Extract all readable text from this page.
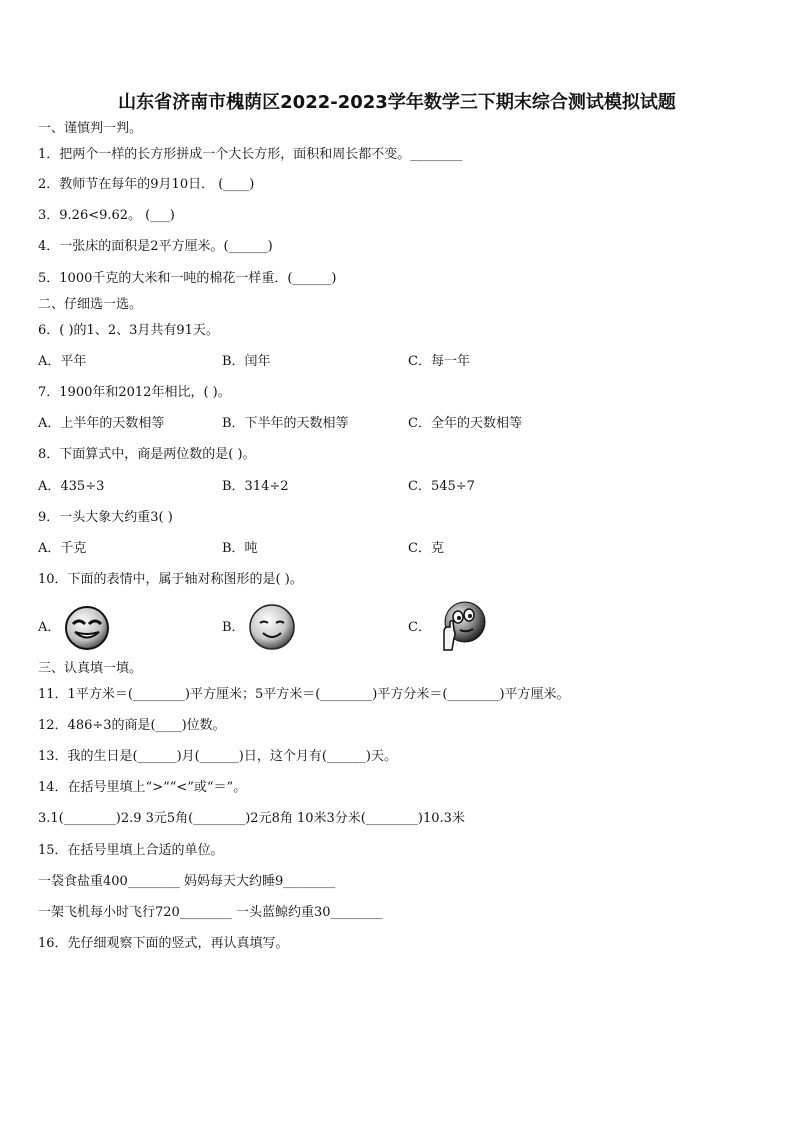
山东省济南市槐荫区2022-2023学年数学三下期末综合测试模拟试题
一、谨慎判一判。
1．把两个一样的长方形拼成一个大长方形，面积和周长都不变。________
2．教师节在每年的9月10日． (____)
3．9.26<9.62。 (___)
4．一张床的面积是2平方厘米。(______)
5．1000千克的大米和一吨的棉花一样重．(______)
二、仔细选一选。
6．( )的1、2、3月共有91天。
A．平年	B．闰年	C．每一年
7．1900年和2012年相比，( )。
A．上半年的天数相等	B．下半年的天数相等	C．全年的天数相等
8．下面算式中，商是两位数的是( )。
A．435÷3	B．314÷2	C．545÷7
9．一头大象大约重3( )
A．千克	B．吨	C．克
10．下面的表情中，属于轴对称图形的是( )。
A．	B．	C．
三、认真填一填。
11．1平方米＝(________)平方厘米；5平方米＝(________)平方分米＝(________)平方厘米。
12．486÷3的商是(____)位数。
13．我的生日是(______)月(______)日，这个月有(______)天。
14．在括号里填上“>”“<”或“＝”。
3.1(________)2.9 3元5角(________)2元8角 10米3分米(________)10.3米
15．在括号里填上合适的单位。
一袋食盐重400________ 妈妈每天大约睡9________
一架飞机每小时飞行720________ 一头蓝鲸约重30________
16．先仔细观察下面的竖式，再认真填写。
